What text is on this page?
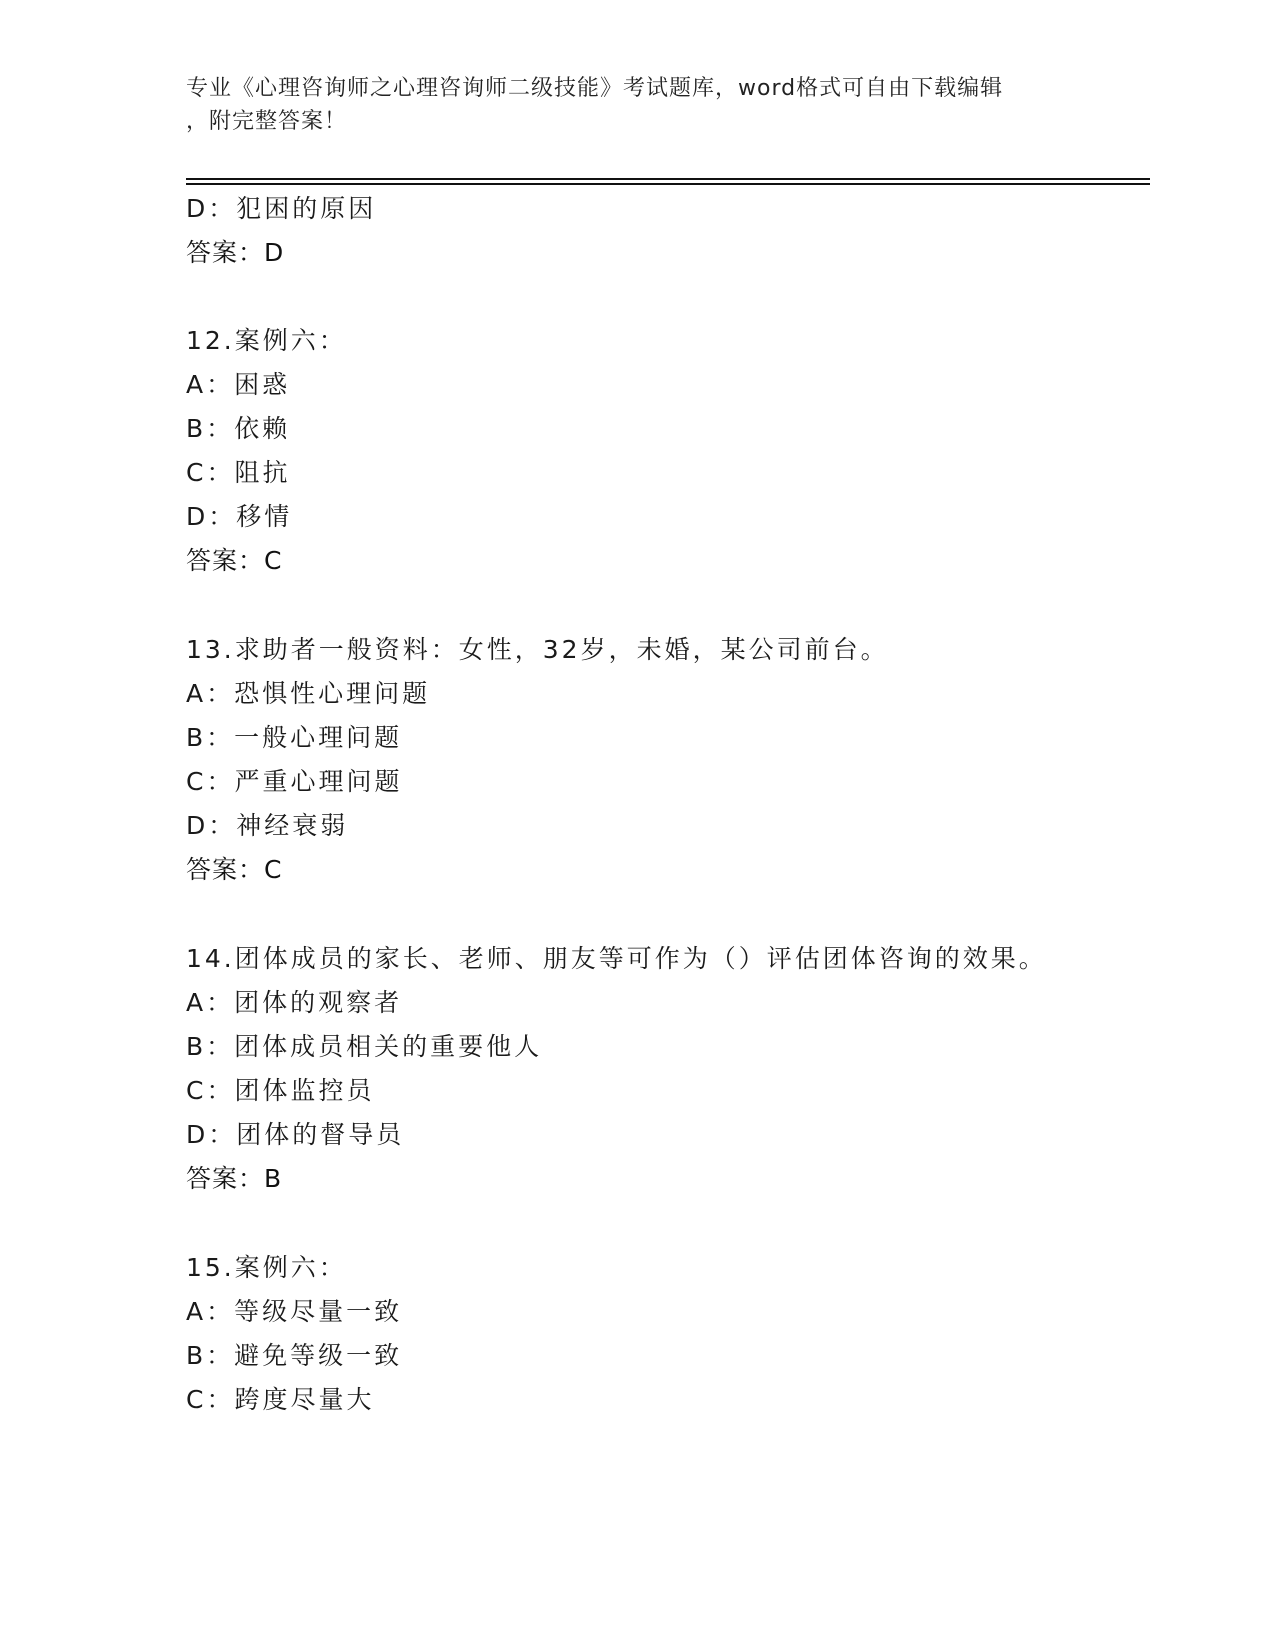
专业《心理咨询师之心理咨询师二级技能》考试题库，word格式可自由下载编辑
，附完整答案！
D：犯困的原因
答案：D
12.案例六：
A：困惑
B：依赖
C：阻抗
D：移情
答案：C
13.求助者一般资料：女性，32岁，未婚，某公司前台。
A：恐惧性心理问题
B：一般心理问题
C：严重心理问题
D：神经衰弱
答案：C
14.团体成员的家长、老师、朋友等可作为（）评估团体咨询的效果。
A：团体的观察者
B：团体成员相关的重要他人
C：团体监控员
D：团体的督导员
答案：B
15.案例六：
A：等级尽量一致
B：避免等级一致
C：跨度尽量大
